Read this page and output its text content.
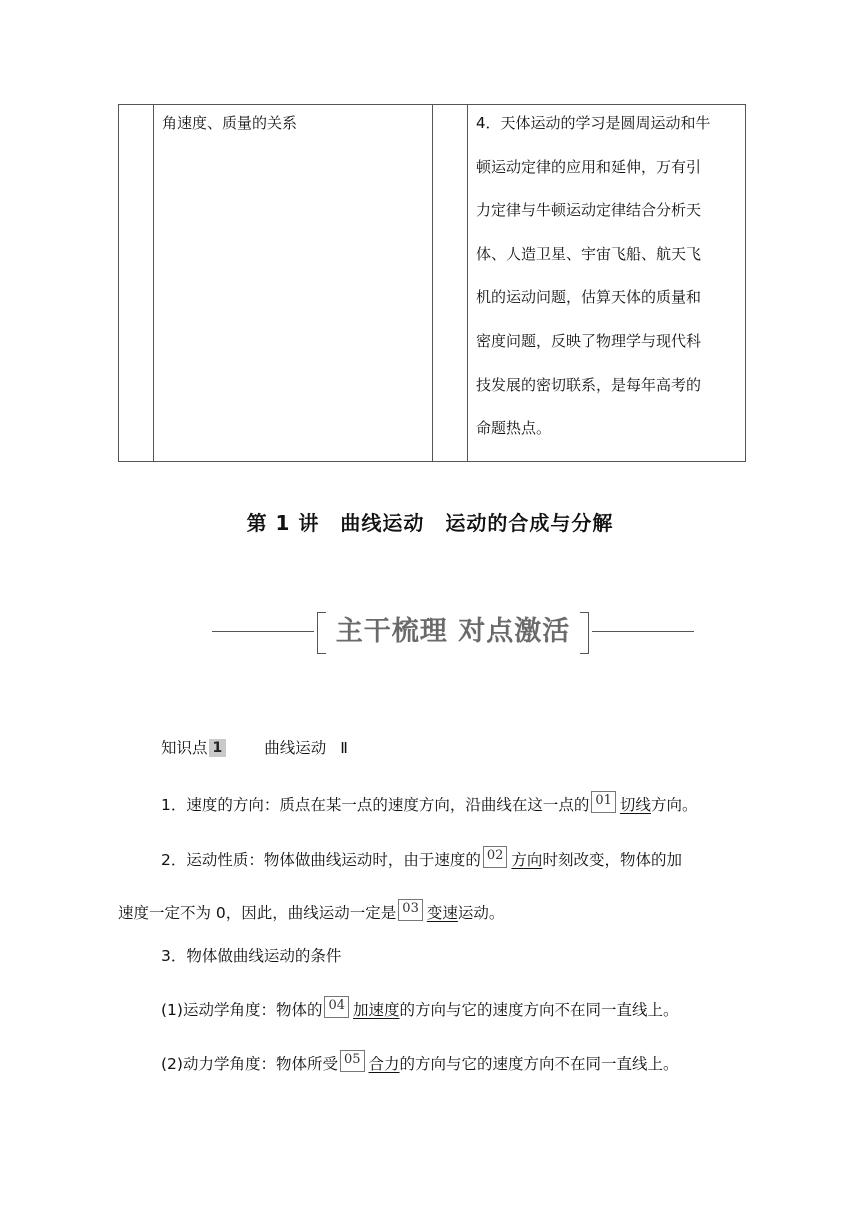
角速度、质量的关系		4．天体运动的学习是圆周运动和牛
顿运动定律的应用和延伸，万有引
力定律与牛顿运动定律结合分析天
体、人造卫星、宇宙飞船、航天飞
机的运动问题，估算天体的质量和
密度问题，反映了物理学与现代科
技发展的密切联系，是每年高考的
命题热点。
第 1 讲　曲线运动　运动的合成与分解
主干梳理 对点激活
知识点 1	曲线运动 Ⅱ
1．速度的方向：质点在某一点的速度方向，沿曲线在这一点的 01 切线方向。
2．运动性质：物体做曲线运动时，由于速度的 02 方向时刻改变，物体的加
速度一定不为 0，因此，曲线运动一定是 03 变速运动。
3．物体做曲线运动的条件
(1)运动学角度：物体的 04 加速度的方向与它的速度方向不在同一直线上。
(2)动力学角度：物体所受 05 合力的方向与它的速度方向不在同一直线上。
